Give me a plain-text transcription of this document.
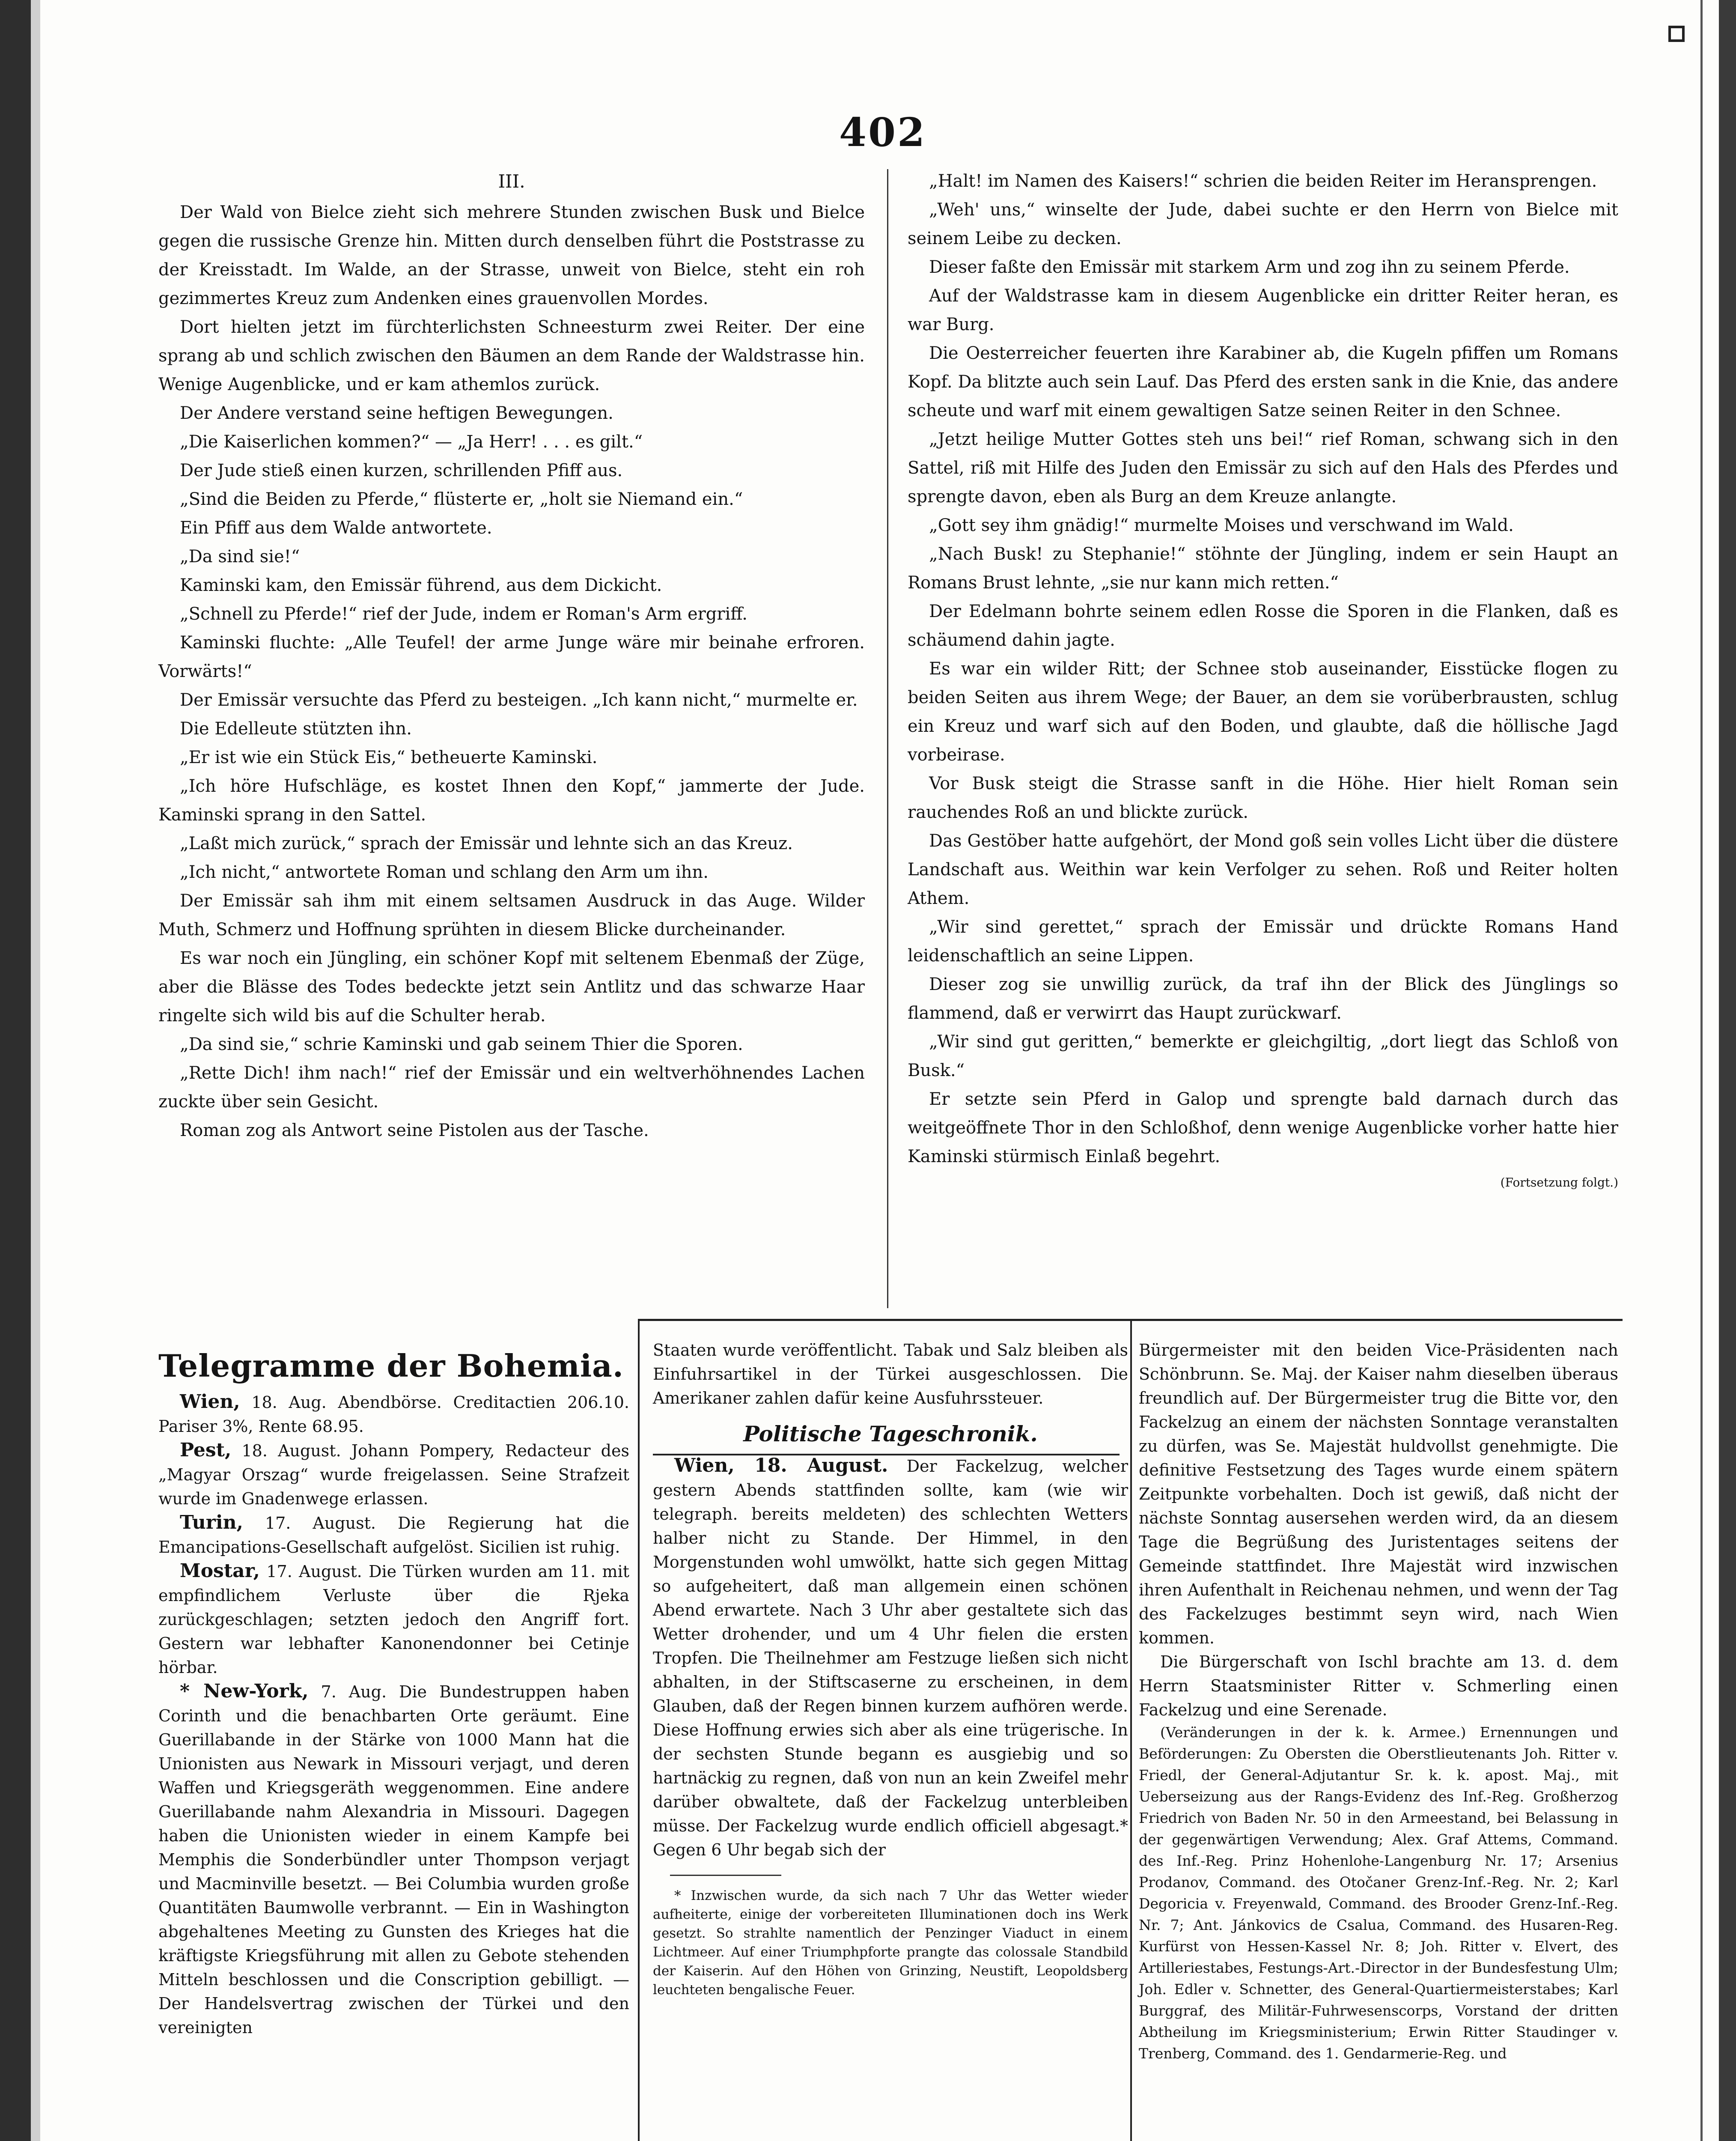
402

III.

Der Wald von Bielce zieht sich mehrere Stunden zwischen Busk und Bielce gegen die russische Grenze hin. Mitten durch denselben führt die Poststrasse zu der Kreisstadt. Im Walde, an der Strasse, unweit von Bielce, steht ein roh gezimmertes Kreuz zum Andenken eines grauenvollen Mordes.

Dort hielten jetzt im fürchterlichsten Schneesturm zwei Reiter. Der eine sprang ab und schlich zwischen den Bäumen an dem Rande der Waldstrasse hin. Wenige Augenblicke, und er kam athemlos zurück.

Der Andere verstand seine heftigen Bewegungen.

„Die Kaiserlichen kommen?“ — „Ja Herr! . . . es gilt.“

Der Jude stieß einen kurzen, schrillenden Pfiff aus.

„Sind die Beiden zu Pferde,“ flüsterte er, „holt sie Niemand ein.“

Ein Pfiff aus dem Walde antwortete.

„Da sind sie!“

Kaminski kam, den Emissär führend, aus dem Dickicht.

„Schnell zu Pferde!“ rief der Jude, indem er Roman's Arm ergriff.

Kaminski fluchte: „Alle Teufel! der arme Junge wäre mir beinahe erfroren. Vorwärts!“

Der Emissär versuchte das Pferd zu besteigen. „Ich kann nicht,“ murmelte er.

Die Edelleute stützten ihn.

„Er ist wie ein Stück Eis,“ betheuerte Kaminski.

„Ich höre Hufschläge, es kostet Ihnen den Kopf,“ jammerte der Jude. Kaminski sprang in den Sattel.

„Laßt mich zurück,“ sprach der Emissär und lehnte sich an das Kreuz.

„Ich nicht,“ antwortete Roman und schlang den Arm um ihn.

Der Emissär sah ihm mit einem seltsamen Ausdruck in das Auge. Wilder Muth, Schmerz und Hoffnung sprühten in diesem Blicke durcheinander.

Es war noch ein Jüngling, ein schöner Kopf mit seltenem Ebenmaß der Züge, aber die Blässe des Todes bedeckte jetzt sein Antlitz und das schwarze Haar ringelte sich wild bis auf die Schulter herab.

„Da sind sie,“ schrie Kaminski und gab seinem Thier die Sporen.

„Rette Dich! ihm nach!“ rief der Emissär und ein weltverhöhnendes Lachen zuckte über sein Gesicht.

Roman zog als Antwort seine Pistolen aus der Tasche.

„Halt! im Namen des Kaisers!“ schrien die beiden Reiter im Heransprengen.

„Weh' uns,“ winselte der Jude, dabei suchte er den Herrn von Bielce mit seinem Leibe zu decken.

Dieser faßte den Emissär mit starkem Arm und zog ihn zu seinem Pferde.

Auf der Waldstrasse kam in diesem Augenblicke ein dritter Reiter heran, es war Burg.

Die Oesterreicher feuerten ihre Karabiner ab, die Kugeln pfiffen um Romans Kopf. Da blitzte auch sein Lauf. Das Pferd des ersten sank in die Knie, das andere scheute und warf mit einem gewaltigen Satze seinen Reiter in den Schnee.

„Jetzt heilige Mutter Gottes steh uns bei!“ rief Roman, schwang sich in den Sattel, riß mit Hilfe des Juden den Emissär zu sich auf den Hals des Pferdes und sprengte davon, eben als Burg an dem Kreuze anlangte.

„Gott sey ihm gnädig!“ murmelte Moises und verschwand im Wald.

„Nach Busk! zu Stephanie!“ stöhnte der Jüngling, indem er sein Haupt an Romans Brust lehnte, „sie nur kann mich retten.“

Der Edelmann bohrte seinem edlen Rosse die Sporen in die Flanken, daß es schäumend dahin jagte.

Es war ein wilder Ritt; der Schnee stob auseinander, Eisstücke flogen zu beiden Seiten aus ihrem Wege; der Bauer, an dem sie vorüberbrausten, schlug ein Kreuz und warf sich auf den Boden, und glaubte, daß die höllische Jagd vorbeirase.

Vor Busk steigt die Strasse sanft in die Höhe. Hier hielt Roman sein rauchendes Roß an und blickte zurück.

Das Gestöber hatte aufgehört, der Mond goß sein volles Licht über die düstere Landschaft aus. Weithin war kein Verfolger zu sehen. Roß und Reiter holten Athem.

„Wir sind gerettet,“ sprach der Emissär und drückte Romans Hand leidenschaftlich an seine Lippen.

Dieser zog sie unwillig zurück, da traf ihn der Blick des Jünglings so flammend, daß er verwirrt das Haupt zurückwarf.

„Wir sind gut geritten,“ bemerkte er gleichgiltig, „dort liegt das Schloß von Busk.“

Er setzte sein Pferd in Galop und sprengte bald darnach durch das weitgeöffnete Thor in den Schloßhof, denn wenige Augenblicke vorher hatte hier Kaminski stürmisch Einlaß begehrt.

(Fortsetzung folgt.)

Telegramme der Bohemia.

Wien, 18. Aug. Abendbörse. Creditactien 206.10. Pariser 3%, Rente 68.95.

Pest, 18. August. Johann Pompery, Redacteur des „Magyar Orszag“ wurde freigelassen. Seine Strafzeit wurde im Gnadenwege erlassen.

Turin, 17. August. Die Regierung hat die Emancipations-Gesellschaft aufgelöst. Sicilien ist ruhig.

Mostar, 17. August. Die Türken wurden am 11. mit empfindlichem Verluste über die Rjeka zurückgeschlagen; setzten jedoch den Angriff fort. Gestern war lebhafter Kanonendonner bei Cetinje hörbar.

* New-York, 7. Aug. Die Bundestruppen haben Corinth und die benachbarten Orte geräumt. Eine Guerillabande in der Stärke von 1000 Mann hat die Unionisten aus Newark in Missouri verjagt, und deren Waffen und Kriegsgeräth weggenommen. Eine andere Guerillabande nahm Alexandria in Missouri. Dagegen haben die Unionisten wieder in einem Kampfe bei Memphis die Sonderbündler unter Thompson verjagt und Macminville besetzt. — Bei Columbia wurden große Quantitäten Baumwolle verbrannt. — Ein in Washington abgehaltenes Meeting zu Gunsten des Krieges hat die kräftigste Kriegsführung mit allen zu Gebote stehenden Mitteln beschlossen und die Conscription gebilligt. — Der Handelsvertrag zwischen der Türkei und den vereinigten

Staaten wurde veröffentlicht. Tabak und Salz bleiben als Einfuhrsartikel in der Türkei ausgeschlossen. Die Amerikaner zahlen dafür keine Ausfuhrssteuer.

Politische Tageschronik.

Wien, 18. August. Der Fackelzug, welcher gestern Abends stattfinden sollte, kam (wie wir telegraph. bereits meldeten) des schlechten Wetters halber nicht zu Stande. Der Himmel, in den Morgenstunden wohl umwölkt, hatte sich gegen Mittag so aufgeheitert, daß man allgemein einen schönen Abend erwartete. Nach 3 Uhr aber gestaltete sich das Wetter drohender, und um 4 Uhr fielen die ersten Tropfen. Die Theilnehmer am Festzuge ließen sich nicht abhalten, in der Stiftscaserne zu erscheinen, in dem Glauben, daß der Regen binnen kurzem aufhören werde. Diese Hoffnung erwies sich aber als eine trügerische. In der sechsten Stunde begann es ausgiebig und so hartnäckig zu regnen, daß von nun an kein Zweifel mehr darüber obwaltete, daß der Fackelzug unterbleiben müsse. Der Fackelzug wurde endlich officiell abgesagt.* Gegen 6 Uhr begab sich der

* Inzwischen wurde, da sich nach 7 Uhr das Wetter wieder aufheiterte, einige der vorbereiteten Illuminationen doch ins Werk gesetzt. So strahlte namentlich der Penzinger Viaduct in einem Lichtmeer. Auf einer Triumphpforte prangte das colossale Standbild der Kaiserin. Auf den Höhen von Grinzing, Neustift, Leopoldsberg leuchteten bengalische Feuer.

Bürgermeister mit den beiden Vice-Präsidenten nach Schönbrunn. Se. Maj. der Kaiser nahm dieselben überaus freundlich auf. Der Bürgermeister trug die Bitte vor, den Fackelzug an einem der nächsten Sonntage veranstalten zu dürfen, was Se. Majestät huldvollst genehmigte. Die definitive Festsetzung des Tages wurde einem spätern Zeitpunkte vorbehalten. Doch ist gewiß, daß nicht der nächste Sonntag ausersehen werden wird, da an diesem Tage die Begrüßung des Juristentages seitens der Gemeinde stattfindet. Ihre Majestät wird inzwischen ihren Aufenthalt in Reichenau nehmen, und wenn der Tag des Fackelzuges bestimmt seyn wird, nach Wien kommen.

Die Bürgerschaft von Ischl brachte am 13. d. dem Herrn Staatsminister Ritter v. Schmerling einen Fackelzug und eine Serenade.

(Veränderungen in der k. k. Armee.) Ernennungen und Beförderungen: Zu Obersten die Oberstlieutenants Joh. Ritter v. Friedl, der General-Adjutantur Sr. k. k. apost. Maj., mit Ueberseizung aus der Rangs-Evidenz des Inf.-Reg. Großherzog Friedrich von Baden Nr. 50 in den Armeestand, bei Belassung in der gegenwärtigen Verwendung; Alex. Graf Attems, Command. des Inf.-Reg. Prinz Hohenlohe-Langenburg Nr. 17; Arsenius Prodanov, Command. des Otočaner Grenz-Inf.-Reg. Nr. 2; Karl Degoricia v. Freyenwald, Command. des Brooder Grenz-Inf.-Reg. Nr. 7; Ant. Jánkovics de Csalua, Command. des Husaren-Reg. Kurfürst von Hessen-Kassel Nr. 8; Joh. Ritter v. Elvert, des Artilleriestabes, Festungs-Art.-Director in der Bundesfestung Ulm; Joh. Edler v. Schnetter, des General-Quartiermeisterstabes; Karl Burggraf, des Militär-Fuhrwesenscorps, Vorstand der dritten Abtheilung im Kriegsministerium; Erwin Ritter Staudinger v. Trenberg, Command. des 1. Gendarmerie-Reg. und
